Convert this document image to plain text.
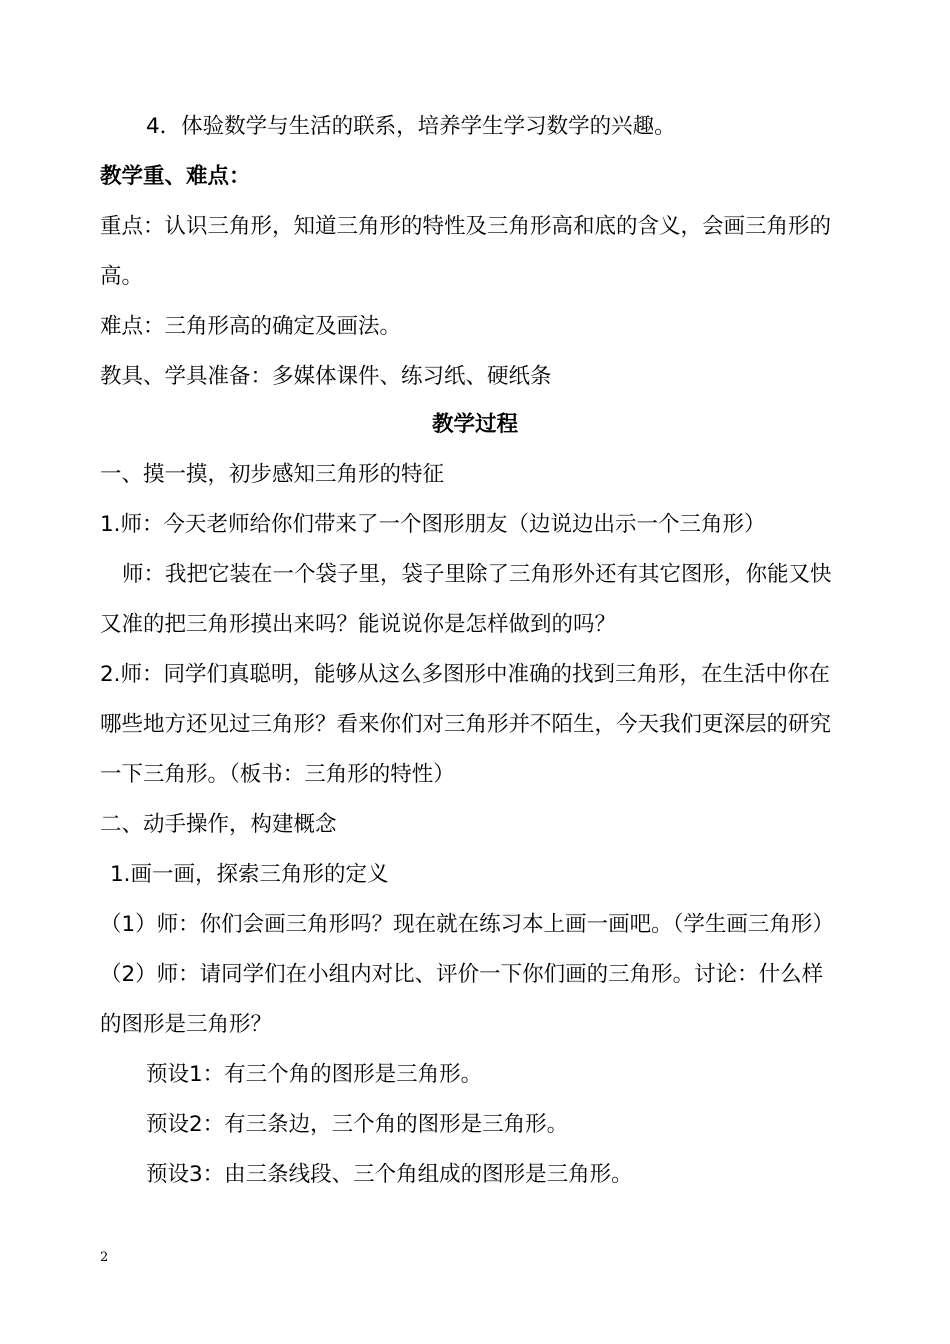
4．体验数学与生活的联系，培养学生学习数学的兴趣。
教学重、难点：
重点：认识三角形，知道三角形的特性及三角形高和底的含义，会画三角形的
高。
难点：三角形高的确定及画法。
教具、学具准备：多媒体课件、练习纸、硬纸条
教学过程
一、摸一摸，初步感知三角形的特征
1.师：今天老师给你们带来了一个图形朋友（边说边出示一个三角形）
师：我把它装在一个袋子里，袋子里除了三角形外还有其它图形，你能又快
又准的把三角形摸出来吗？能说说你是怎样做到的吗？
2.师：同学们真聪明，能够从这么多图形中准确的找到三角形，在生活中你在
哪些地方还见过三角形？看来你们对三角形并不陌生，今天我们更深层的研究
一下三角形。（板书：三角形的特性）
二、动手操作，构建概念
1.画一画，探索三角形的定义
（1）师：你们会画三角形吗？现在就在练习本上画一画吧。（学生画三角形）
（2）师：请同学们在小组内对比、评价一下你们画的三角形。讨论：什么样
的图形是三角形？
预设1：有三个角的图形是三角形。
预设2：有三条边，三个角的图形是三角形。
预设3：由三条线段、三个角组成的图形是三角形。
2
